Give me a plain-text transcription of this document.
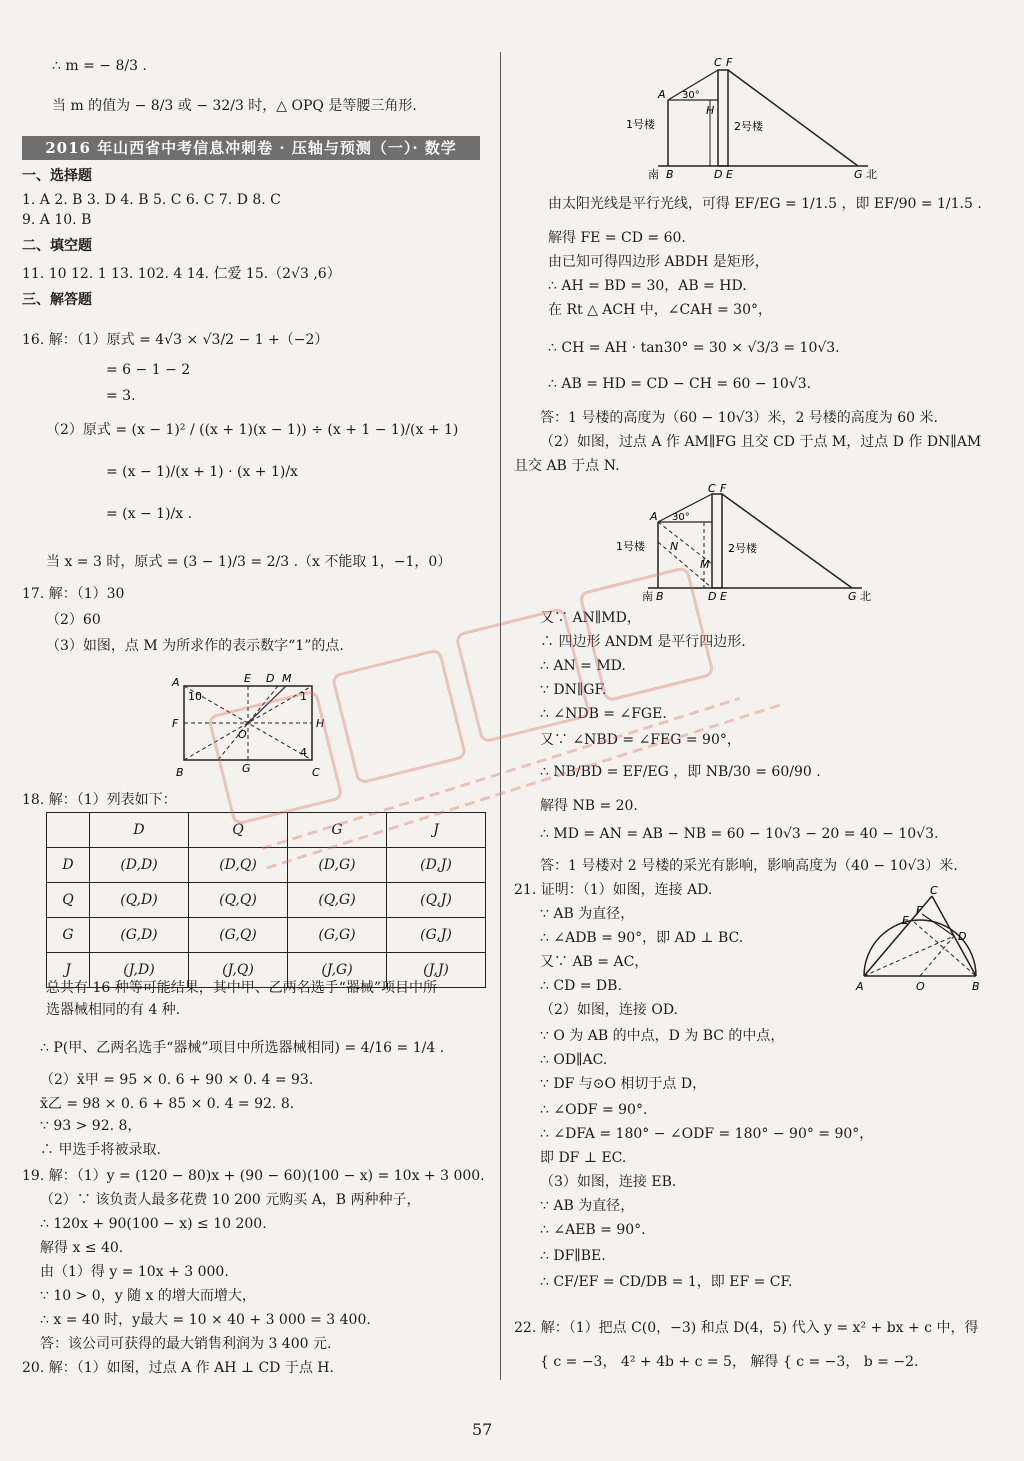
∴ m = − 8/3 .
当 m 的值为 − 8/3 或 − 32/3 时，△ OPQ 是等腰三角形.
2016 年山西省中考信息冲刺卷 · 压轴与预测（一）· 数学
一、选择题
1. A 2. B 3. D 4. B 5. C 6. C 7. D 8. C
9. A 10. B
二、填空题
11. 10 12. 1 13. 102. 4 14. 仁爱 15.（2√3 ,6）
三、解答题
16. 解：（1）原式 = 4√3 × √3/2 − 1 +（−2）
= 6 − 1 − 2
= 3.
（2）原式 = (x − 1)² / ((x + 1)(x − 1)) ÷ (x + 1 − 1)/(x + 1)
= (x − 1)/(x + 1) · (x + 1)/x
= (x − 1)/x .
当 x = 3 时，原式 = (3 − 1)/3 = 2/3 .（x 不能取 1，−1，0）
17. 解：（1）30
（2）60
（3）如图，点 M 为所求作的表示数字“1”的点.
A	E D M
10	1
F	H
O
G
4
B	C
18. 解：（1）列表如下：
	D	Q	G	J
D	(D,D)	(D,Q)	(D,G)	(D,J)
Q	(Q,D)	(Q,Q)	(Q,G)	(Q,J)
G	(G,D)	(G,Q)	(G,G)	(G,J)
J	(J,D)	(J,Q)	(J,G)	(J,J)
总共有 16 种等可能结果，其中甲、乙两名选手“器械”项目中所
选器械相同的有 4 种.
∴ P(甲、乙两名选手“器械”项目中所选器械相同) = 4/16 = 1/4 .
（2）x̄甲 = 95 × 0. 6 + 90 × 0. 4 = 93.
x̄乙 = 98 × 0. 6 + 85 × 0. 4 = 92. 8.
∵ 93 > 92. 8，
∴ 甲选手将被录取.
19. 解：（1）y = (120 − 80)x + (90 − 60)(100 − x) = 10x + 3 000.
（2）∵ 该负责人最多花费 10 200 元购买 A，B 两种种子，
∴ 120x + 90(100 − x) ≤ 10 200.
解得 x ≤ 40.
由（1）得 y = 10x + 3 000.
∵ 10 > 0，y 随 x 的增大而增大，
∴ x = 40 时，y最大 = 10 × 40 + 3 000 = 3 400.
答：该公司可获得的最大销售利润为 3 400 元.
20. 解：（1）如图，过点 A 作 AH ⊥ CD 于点 H.
C F
A 30°
H
1号楼	2号楼
南 B	D E	G 北
由太阳光线是平行光线，可得 EF/EG = 1/1.5 ，即 EF/90 = 1/1.5 .
解得 FE = CD = 60.
由已知可得四边形 ABDH 是矩形，
∴ AH = BD = 30，AB = HD.
在 Rt △ ACH 中，∠CAH = 30°，
∴ CH = AH · tan30° = 30 × √3/3 = 10√3.
∴ AB = HD = CD − CH = 60 − 10√3.
答：1 号楼的高度为（60 − 10√3）米，2 号楼的高度为 60 米.
（2）如图，过点 A 作 AM∥FG 且交 CD 于点 M，过点 D 作 DN∥AM
且交 AB 于点 N.
C F
A 30°
N
M
1号楼	2号楼
南 B	D E	G 北
又∵ AN∥MD，
∴ 四边形 ANDM 是平行四边形.
∴ AN = MD.
∵ DN∥GF.
∴ ∠NDB = ∠FGE.
又∵ ∠NBD = ∠FEG = 90°，
∴ NB/BD = EF/EG ，即 NB/30 = 60/90 .
解得 NB = 20.
∴ MD = AN = AB − NB = 60 − 10√3 − 20 = 40 − 10√3.
答：1 号楼对 2 号楼的采光有影响，影响高度为（40 − 10√3）米.
21. 证明：（1）如图，连接 AD.
∵ AB 为直径，
∴ ∠ADB = 90°，即 AD ⊥ BC.
又∵ AB = AC，
∴ CD = DB.
（2）如图，连接 OD.
∵ O 为 AB 的中点，D 为 BC 的中点，
∴ OD∥AC.
∵ DF 与⊙O 相切于点 D，
∴ ∠ODF = 90°.
∴ ∠DFA = 180° − ∠ODF = 180° − 90° = 90°，
即 DF ⊥ EC.
（3）如图，连接 EB.
∵ AB 为直径，
∴ ∠AEB = 90°.
∴ DF∥BE.
∴ CF/EF = CD/DB = 1，即 EF = CF.
C
E
F
D
A	O	B
22. 解：（1）把点 C(0，−3) 和点 D(4，5) 代入 y = x² + bx + c 中，得
{ c = −3， 4² + 4b + c = 5， 解得 { c = −3， b = −2.
57
